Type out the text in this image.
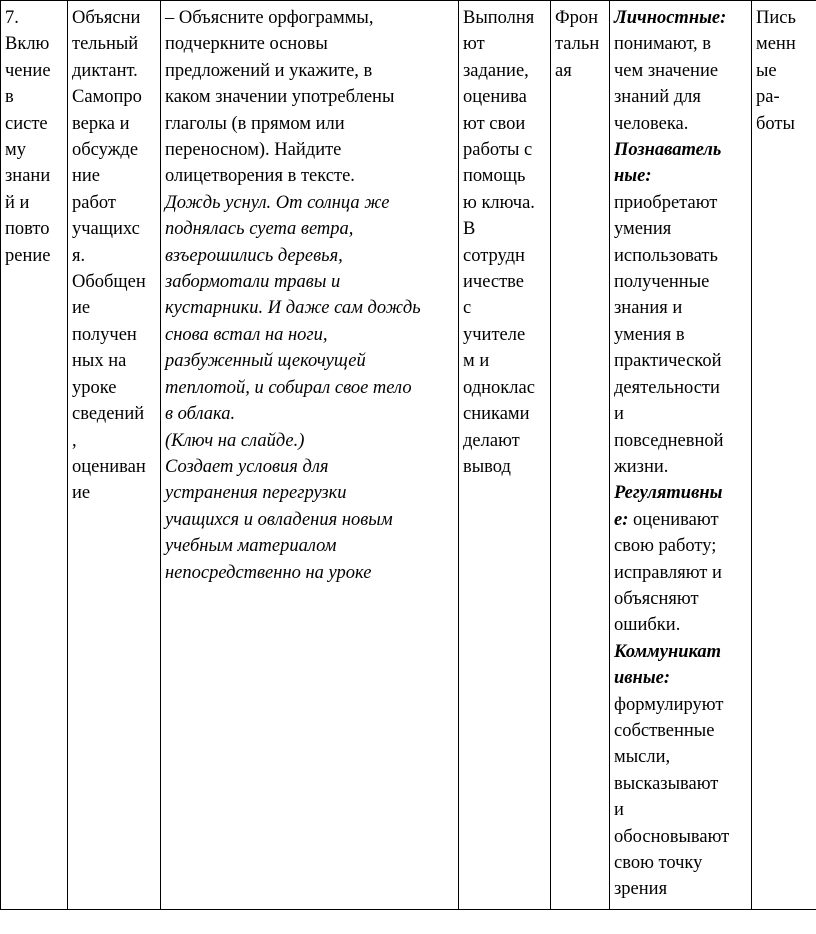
7.
Вклю
чение
в
систе
му
знани
й и
повто
рение

Объясни
тельный
диктант.
Самопро
верка и
обсужде
ние
работ
учащихс
я.
Обобщен
ие
получен
ных на
уроке
сведений
,
оцениван
ие

– Объясните орфограммы,
подчеркните основы
предложений и укажите, в
каком значении употреблены
глаголы (в прямом или
переносном). Найдите
олицетворения в тексте.
Дождь уснул. От солнца же
поднялась суета ветра,
взъерошились деревья,
забормотали травы и
кустарники. И даже сам дождь
снова встал на ноги,
разбуженный щекочущей
теплотой, и собирал свое тело
в облака.
(Ключ на слайде.)
Создает условия для
устранения перегрузки
учащихся и овладения новым
учебным материалом
непосредственно на уроке

Выполня
ют
задание,
оценива
ют свои
работы с
помощь
ю ключа.
В
сотрудн
ичестве
с
учителе
м и
одноклас
сниками
делают
вывод

Фрон
тальн
ая

Личностные:
понимают, в
чем значение
знаний для
человека.
Познаватель
ные:
приобретают
умения
использовать
полученные
знания и
умения в
практической
деятельности
и
повседневной
жизни.
Регулятивны
е: оценивают
свою работу;
исправляют и
объясняют
ошибки.
Коммуникат
ивные:
формулируют
собственные
мысли,
высказывают
и
обосновывают
свою точку
зрения

Пись
менн
ые
ра-
боты
